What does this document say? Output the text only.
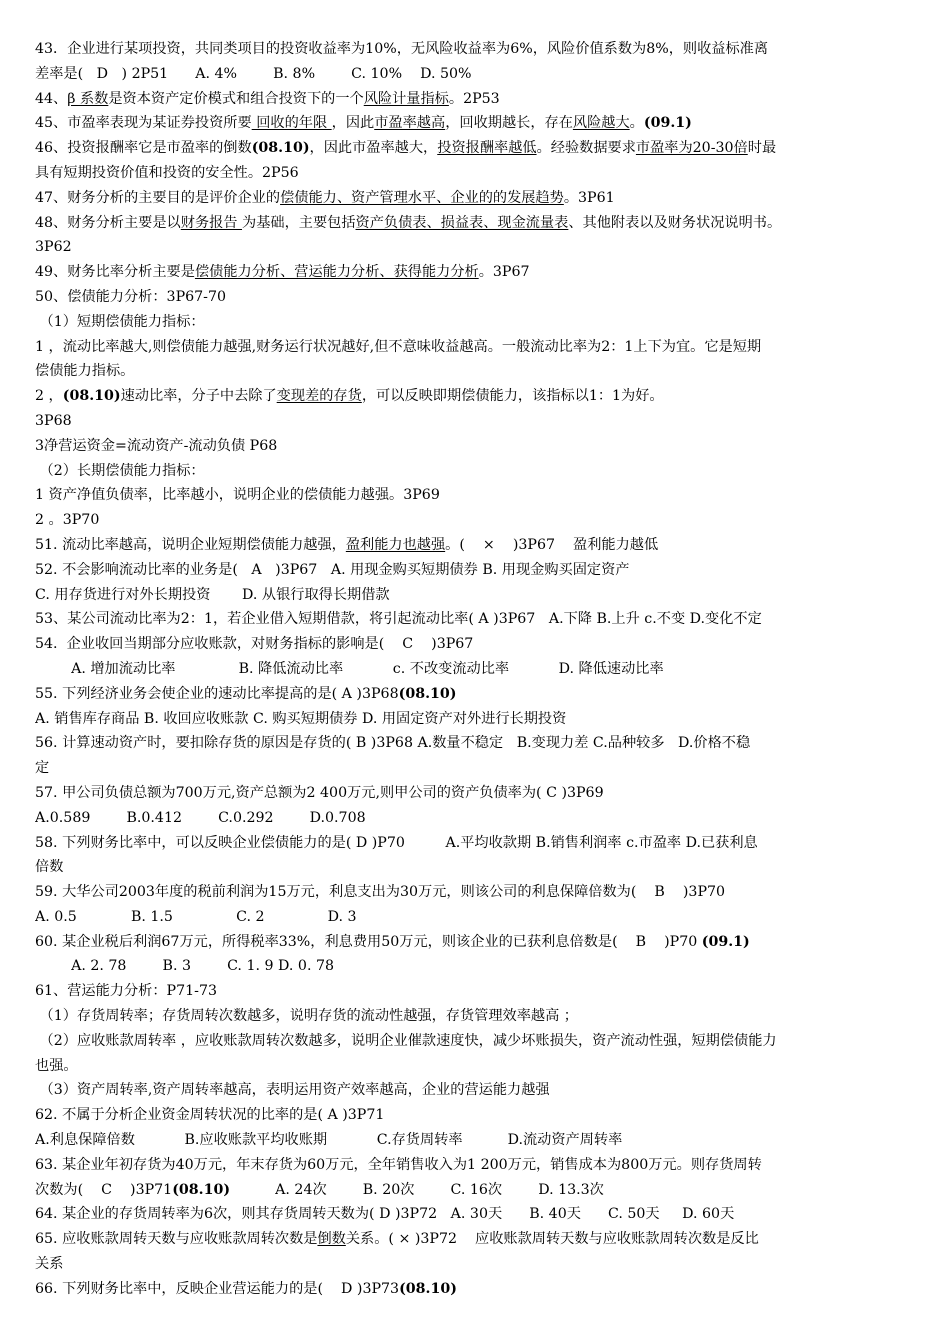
43．企业进行某项投资，共同类项目的投资收益率为10%，无风险收益率为6%，风险价值系数为8%，则收益标准离
差率是(   D   ) 2P51      A. 4%        B. 8%        C. 10%    D. 50%
44、β 系数是资本资产定价模式和组合投资下的一个风险计量指标。2P53
45、市盈率表现为某证券投资所要 回收的年限 ，因此市盈率越高，回收期越长，存在风险越大。(09.1)
46、投资报酬率它是市盈率的倒数(08.10)，因此市盈率越大，投资报酬率越低。经验数据要求市盈率为20-30倍时最
具有短期投资价值和投资的安全性。2P56
47、财务分析的主要目的是评价企业的偿债能力、资产管理水平、企业的的发展趋势。3P61
48、财务分析主要是以财务报告 为基础，主要包括资产负债表、损益表、现金流量表、其他附表以及财务状况说明书。
3P62
49、财务比率分析主要是偿债能力分析、营运能力分析、获得能力分析。3P67
50、偿债能力分析：3P67-70
（1）短期偿债能力指标：
1 ，流动比率越大,则偿债能力越强,财务运行状况越好,但不意味收益越高。一般流动比率为2：1上下为宜。它是短期
偿债能力指标。
2 ，(08.10)速动比率，分子中去除了变现差的存货，可以反映即期偿债能力，该指标以1：1为好。
3P68
3净营运资金=流动资产-流动负债 P68
（2）长期偿债能力指标：
1 资产净值负债率，比率越小，说明企业的偿债能力越强。3P69
2 。3P70
51. 流动比率越高，说明企业短期偿债能力越强，盈利能力也越强。(    ×    )3P67    盈利能力越低
52. 不会影响流动比率的业务是(   A   )3P67   A. 用现金购买短期债券 B. 用现金购买固定资产
C. 用存货进行对外长期投资       D. 从银行取得长期借款
53、某公司流动比率为2：1，若企业借入短期借款，将引起流动比率( A )3P67   A.下降 B.上升 c.不变 D.变化不定
54.  企业收回当期部分应收账款，对财务指标的影响是(    C    )3P67
A. 增加流动比率              B. 降低流动比率           c. 不改变流动比率           D. 降低速动比率
55. 下列经济业务会使企业的速动比率提高的是( A )3P68(08.10)
A. 销售库存商品 B. 收回应收账款 C. 购买短期债券 D. 用固定资产对外进行长期投资
56. 计算速动资产时，要扣除存货的原因是存货的( B )3P68 A.数量不稳定   B.变现力差 C.品种较多   D.价格不稳
定
57. 甲公司负债总额为700万元,资产总额为2 400万元,则甲公司的资产负债率为( C )3P69
A.0.589        B.0.412        C.0.292        D.0.708
58. 下列财务比率中，可以反映企业偿债能力的是( D )P70         A.平均收款期 B.销售利润率 c.市盈率 D.已获利息
倍数
59. 大华公司2003年度的税前利润为15万元，利息支出为30万元，则该公司的利息保障倍数为(    B    )3P70
A. 0.5            B. 1.5              C. 2              D. 3
60. 某企业税后利润67万元，所得税率33%，利息费用50万元，则该企业的已获利息倍数是(    B    )P70 (09.1)
A. 2. 78        B. 3        C. 1. 9 D. 0. 78
61、营运能力分析：P71-73
（1）存货周转率；存货周转次数越多，说明存货的流动性越强，存货管理效率越高 ；
（2）应收账款周转率 ，应收账款周转次数越多，说明企业催款速度快，减少坏账损失，资产流动性强，短期偿债能力
也强。
（3）资产周转率,资产周转率越高，表明运用资产效率越高，企业的营运能力越强
62. 不属于分析企业资金周转状况的比率的是( A )3P71
A.利息保障倍数           B.应收账款平均收账期           C.存货周转率          D.流动资产周转率
63. 某企业年初存货为40万元，年末存货为60万元，全年销售收入为1 200万元，销售成本为800万元。则存货周转
次数为(    C    )3P71(08.10)          A. 24次        B. 20次        C. 16次        D. 13.3次
64. 某企业的存货周转率为6次，则其存货周转天数为( D )3P72   A. 30天      B. 40天      C. 50天     D. 60天
65. 应收账款周转天数与应收账款周转次数是倒数关系。( × )3P72    应收账款周转天数与应收账款周转次数是反比
关系
66. 下列财务比率中，反映企业营运能力的是(    D )3P73(08.10)
